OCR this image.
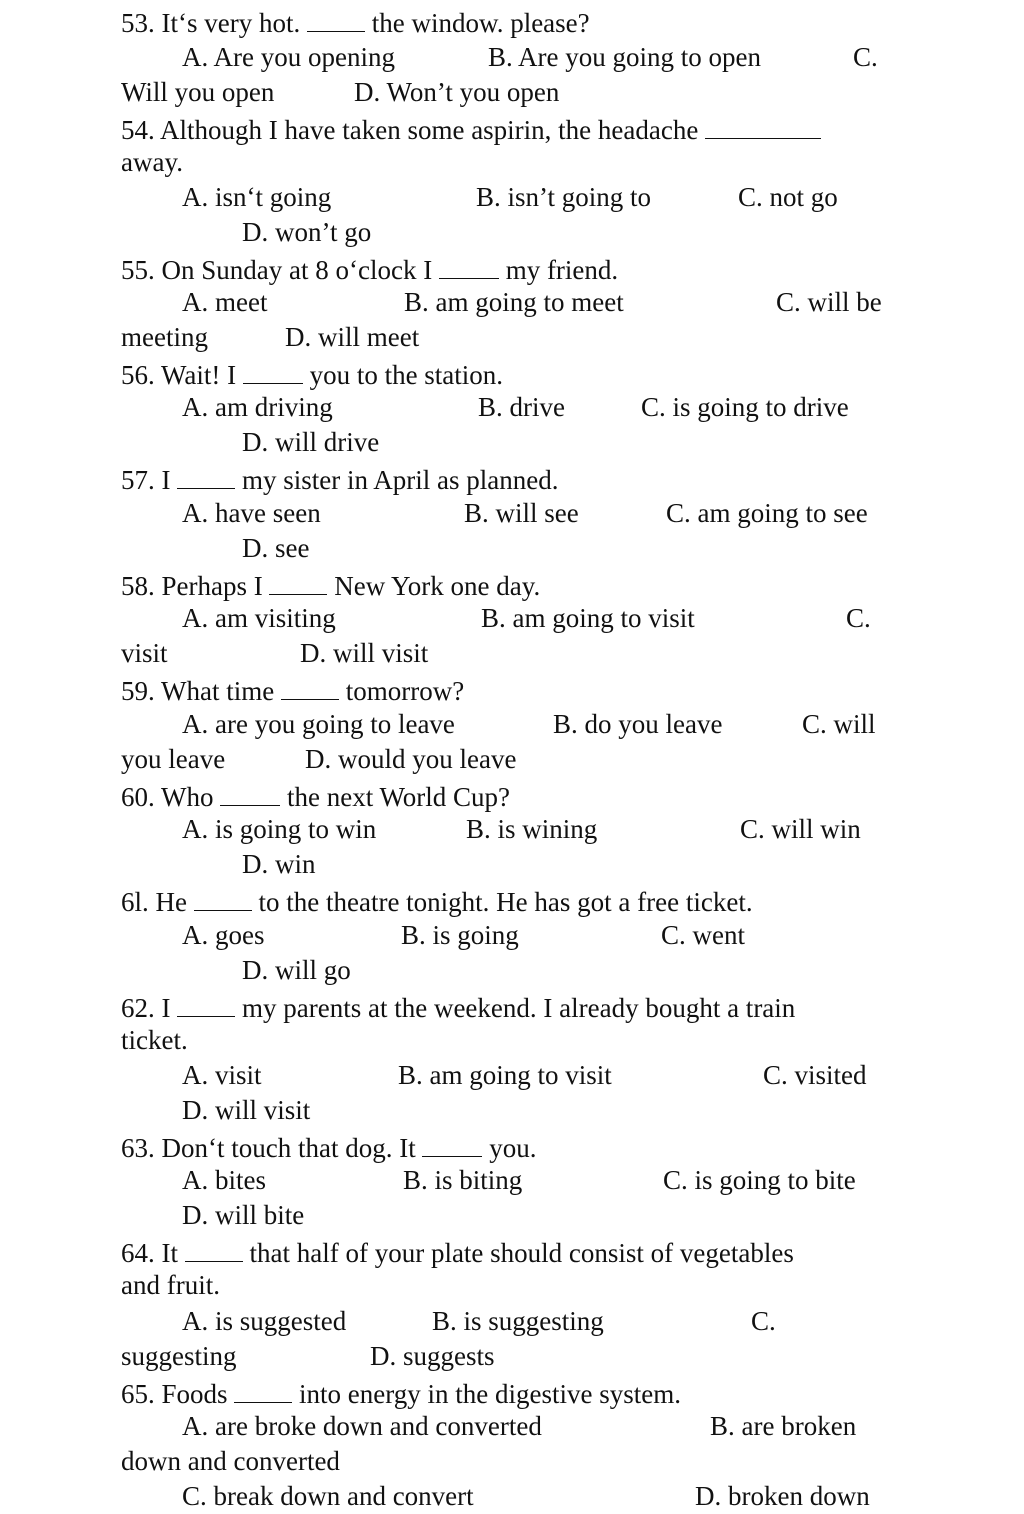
53. It‘s very hot.	the window. please?
A. Are you opening	B. Are you going to open	C.
Will you open	D. Won’t you open
54. Although I have taken some aspirin, the headache
away.
A. isn‘t going	B. isn’t going to	C. not go
D. won’t go
55. On Sunday at 8 o‘clock I	my friend.
A. meet	B. am going to meet	C. will be
meeting	D. will meet
56. Wait! I	you to the station.
A. am driving	B. drive	C. is going to drive
D. will drive
57. I	my sister in April as planned.
A. have seen	B. will see	C. am going to see
D. see
58. Perhaps I	New York one day.
A. am visiting	B. am going to visit	C.
visit	D. will visit
59. What time	tomorrow?
A. are you going to leave	B. do you leave	C. will
you leave	D. would you leave
60. Who	the next World Cup?
A. is going to win	B. is wining	C. will win
D. win
6l. He	to the theatre tonight. He has got a free ticket.
A. goes	B. is going	C. went
D. will go
62. I	my parents at the weekend. I already bought a train
ticket.
A. visit	B. am going to visit	C. visited
D. will visit
63. Don‘t touch that dog. It	you.
A. bites	B. is biting	C. is going to bite
D. will bite
64. It	that half of your plate should consist of vegetables
and fruit.
A. is suggested	B. is suggesting	C.
suggesting	D. suggests
65. Foods	into energy in the digestive system.
A. are broke down and converted	B. are broken
down and converted
C. break down and convert	D. broken down
